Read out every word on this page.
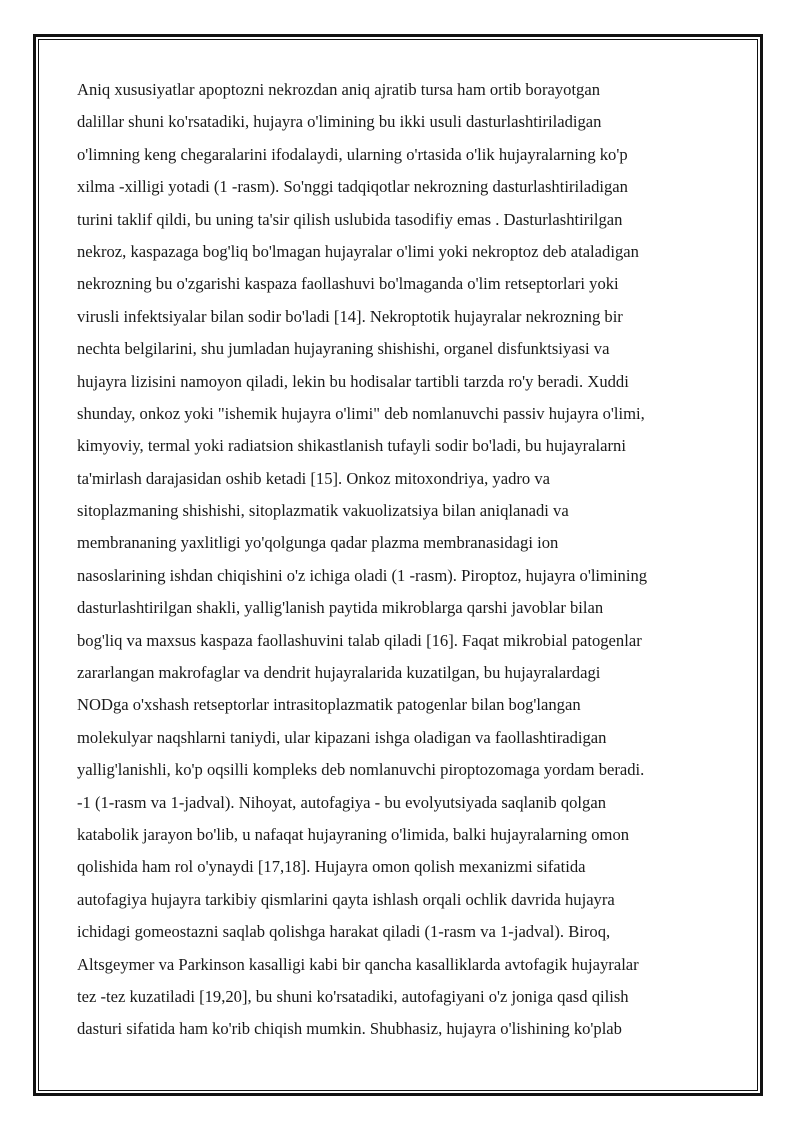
Aniq xususiyatlar apoptozni nekrozdan aniq ajratib tursa ham ortib borayotgan
dalillar shuni ko'rsatadiki, hujayra o'limining bu ikki usuli dasturlashtiriladigan
o'limning keng chegaralarini ifodalaydi, ularning o'rtasida o'lik hujayralarning ko'p
xilma -xilligi yotadi (1 -rasm). So'nggi tadqiqotlar nekrozning dasturlashtiriladigan
turini taklif qildi, bu uning ta'sir qilish uslubida tasodifiy emas . Dasturlashtirilgan
nekroz, kaspazaga bog'liq bo'lmagan hujayralar o'limi yoki nekroptoz deb ataladigan
nekrozning bu o'zgarishi kaspaza faollashuvi bo'lmaganda o'lim retseptorlari yoki
virusli infektsiyalar bilan sodir bo'ladi [14]. Nekroptotik hujayralar nekrozning bir
nechta belgilarini, shu jumladan hujayraning shishishi, organel disfunktsiyasi va
hujayra lizisini namoyon qiladi, lekin bu hodisalar tartibli tarzda ro'y beradi. Xuddi
shunday, onkoz yoki "ishemik hujayra o'limi" deb nomlanuvchi passiv hujayra o'limi,
kimyoviy, termal yoki radiatsion shikastlanish tufayli sodir bo'ladi, bu hujayralarni
ta'mirlash darajasidan oshib ketadi [15]. Onkoz mitoxondriya, yadro va
sitoplazmaning shishishi, sitoplazmatik vakuolizatsiya bilan aniqlanadi va
membrananing yaxlitligi yo'qolgunga qadar plazma membranasidagi ion
nasoslarining ishdan chiqishini o'z ichiga oladi (1 -rasm). Piroptoz, hujayra o'limining
dasturlashtirilgan shakli, yallig'lanish paytida mikroblarga qarshi javoblar bilan
bog'liq va maxsus kaspaza faollashuvini talab qiladi [16]. Faqat mikrobial patogenlar
zararlangan makrofaglar va dendrit hujayralarida kuzatilgan, bu hujayralardagi
NODga o'xshash retseptorlar intrasitoplazmatik patogenlar bilan bog'langan
molekulyar naqshlarni taniydi, ular kipazani ishga oladigan va faollashtiradigan
yallig'lanishli, ko'p oqsilli kompleks deb nomlanuvchi piroptozomaga yordam beradi.
-1 (1-rasm va 1-jadval). Nihoyat, autofagiya - bu evolyutsiyada saqlanib qolgan
katabolik jarayon bo'lib, u nafaqat hujayraning o'limida, balki hujayralarning omon
qolishida ham rol o'ynaydi [17,18]. Hujayra omon qolish mexanizmi sifatida
autofagiya hujayra tarkibiy qismlarini qayta ishlash orqali ochlik davrida hujayra
ichidagi gomeostazni saqlab qolishga harakat qiladi (1-rasm va 1-jadval). Biroq,
Altsgeymer va Parkinson kasalligi kabi bir qancha kasalliklarda avtofagik hujayralar
tez -tez kuzatiladi [19,20], bu shuni ko'rsatadiki, autofagiyani o'z joniga qasd qilish
dasturi sifatida ham ko'rib chiqish mumkin. Shubhasiz, hujayra o'lishining ko'plab
